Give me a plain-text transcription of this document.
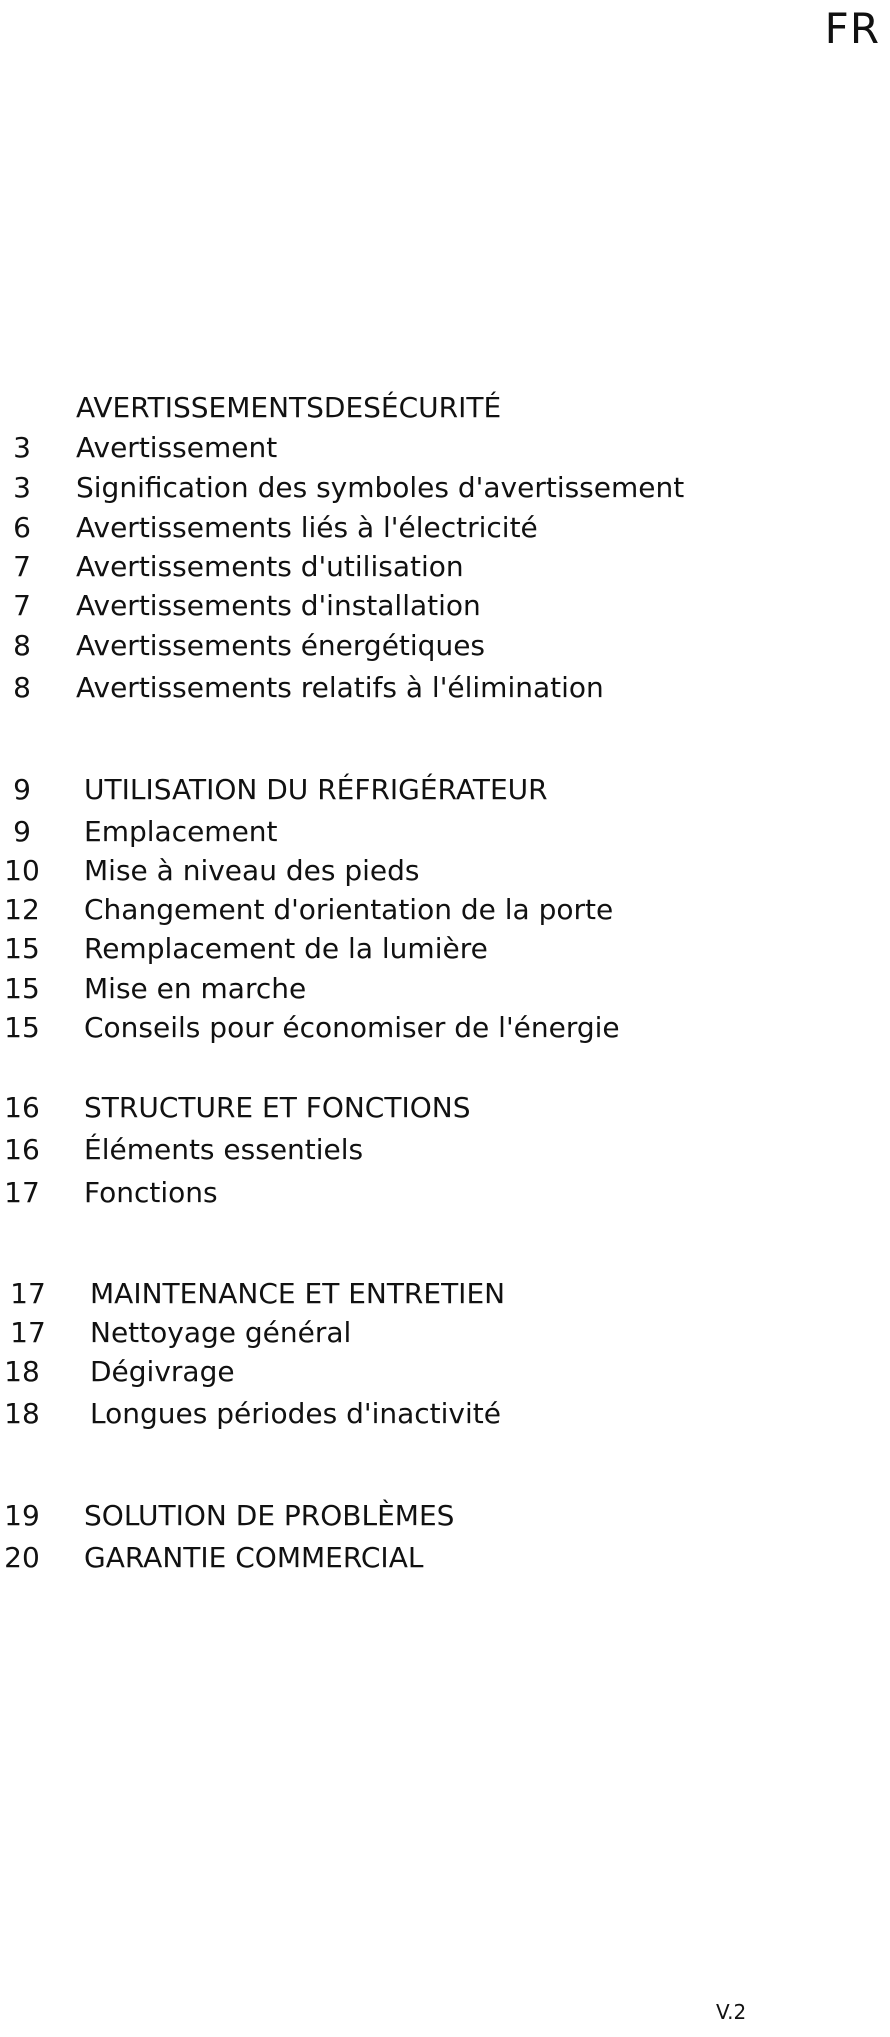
FR
AVERTISSEMENTSDESÉCURITÉ
3	Avertissement
3	Signification des symboles d'avertissement
6	Avertissements liés à l'électricité
7	Avertissements d'utilisation
7	Avertissements d'installation
8	Avertissements énergétiques
8	Avertissements relatifs à l'élimination
9	UTILISATION DU RÉFRIGÉRATEUR
9	Emplacement
10 Mise à niveau des pieds
12 Changement d'orientation de la porte
15 Remplacement de la lumière
15 Mise en marche
15 Conseils pour économiser de l'énergie
16 STRUCTURE ET FONCTIONS
16 Éléments essentiels
17 Fonctions
17 MAINTENANCE ET ENTRETIEN
17 Nettoyage général
18 Dégivrage
18 Longues périodes d'inactivité
19 SOLUTION DE PROBLÈMES
20 GARANTIE COMMERCIAL
V.2
